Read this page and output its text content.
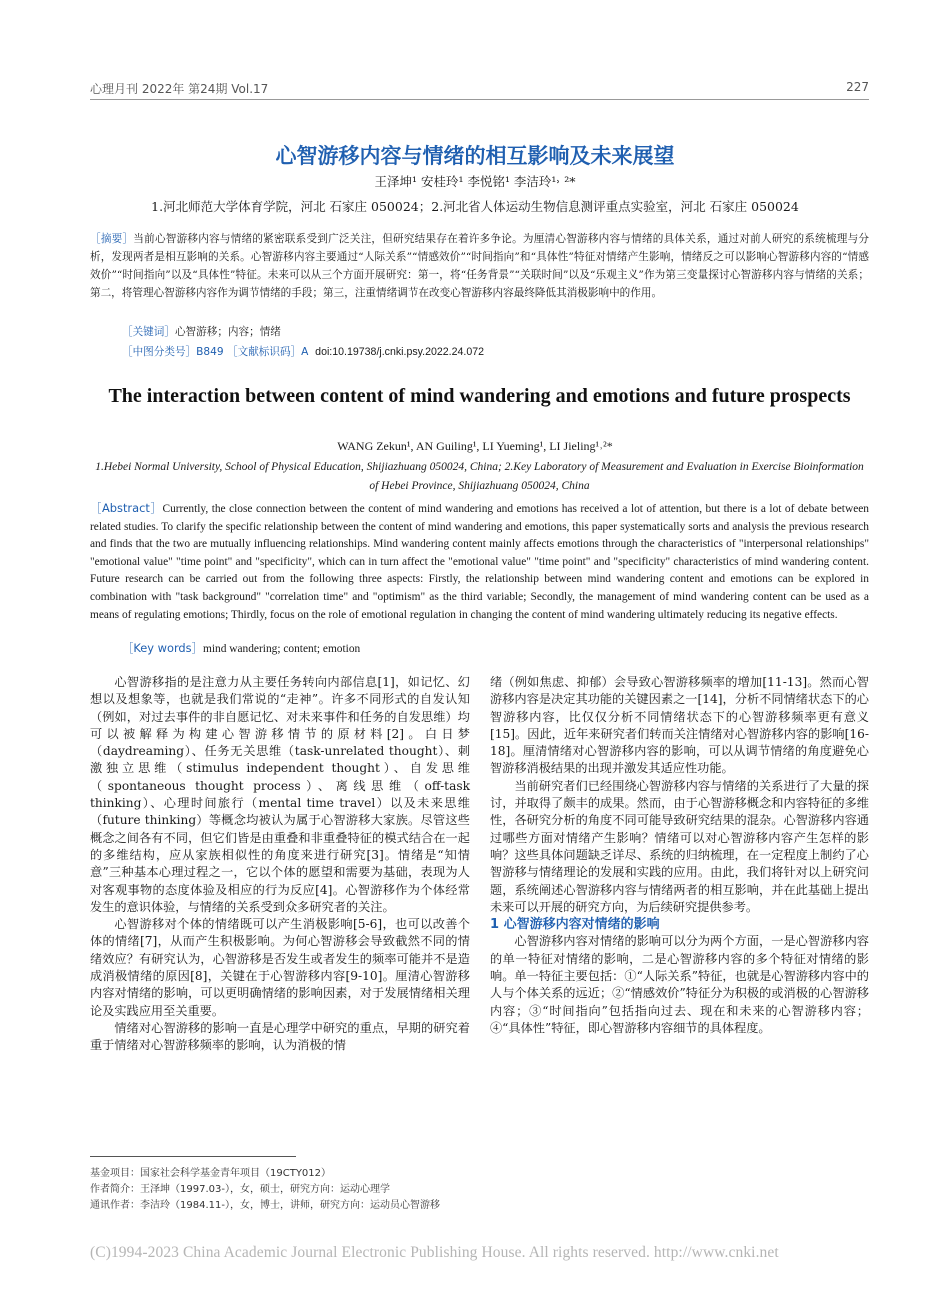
心理月刊 2022年 第24期 Vol.17	227
心智游移内容与情绪的相互影响及未来展望
王泽坤¹ 安桂玲¹ 李悦铭¹ 李洁玲¹˒ ²*
1.河北师范大学体育学院，河北 石家庄 050024；2.河北省人体运动生物信息测评重点实验室，河北 石家庄 050024
［摘要］当前心智游移内容与情绪的紧密联系受到广泛关注，但研究结果存在着许多争论。为厘清心智游移内容与情绪的具体关系，通过对前人研究的系统梳理与分析，发现两者是相互影响的关系。心智游移内容主要通过“人际关系”“情感效价”“时间指向”和“具体性”特征对情绪产生影响，情绪反之可以影响心智游移内容的“情感效价”“时间指向”以及“具体性”特征。未来可以从三个方面开展研究：第一，将“任务背景”“关联时间”以及“乐观主义”作为第三变量探讨心智游移内容与情绪的关系；第二，将管理心智游移内容作为调节情绪的手段；第三，注重情绪调节在改变心智游移内容最终降低其消极影响中的作用。
［关键词］心智游移；内容；情绪
［中图分类号］B849 ［文献标识码］A doi:10.19738/j.cnki.psy.2022.24.072
The interaction between content of mind wandering and emotions and future prospects
WANG Zekun¹, AN Guiling¹, LI Yueming¹, LI Jieling¹˒²*
1.Hebei Normal University, School of Physical Education, Shijiazhuang 050024, China; 2.Key Laboratory of Measurement and Evaluation in Exercise Bioinformation of Hebei Province, Shijiazhuang 050024, China
［Abstract］Currently, the close connection between the content of mind wandering and emotions has received a lot of attention, but there is a lot of debate between related studies. To clarify the specific relationship between the content of mind wandering and emotions, this paper systematically sorts and analysis the previous research and finds that the two are mutually influencing relationships. Mind wandering content mainly affects emotions through the characteristics of "interpersonal relationships" "emotional value" "time point" and "specificity", which can in turn affect the "emotional value" "time point" and "specificity" characteristics of mind wandering content. Future research can be carried out from the following three aspects: Firstly, the relationship between mind wandering content and emotions can be explored in combination with "task background" "correlation time" and "optimism" as the third variable; Secondly, the management of mind wandering content can be used as a means of regulating emotions; Thirdly, focus on the role of emotional regulation in changing the content of mind wandering ultimately reducing its negative effects.
［Key words］mind wandering; content; emotion

心智游移指的是注意力从主要任务转向内部信息[1]，如记忆、幻想以及想象等，也就是我们常说的“走神”。许多不同形式的自发认知（例如，对过去事件的非自愿记忆、对未来事件和任务的自发思维）均可以被解释为构建心智游移情节的原材料[2]。白日梦（daydreaming）、任务无关思维（task-unrelated thought）、刺激独立思维（stimulus independent thought）、自发思维（spontaneous thought process）、离线思维（off-task thinking）、心理时间旅行（mental time travel）以及未来思维（future thinking）等概念均被认为属于心智游移大家族。尽管这些概念之间各有不同，但它们皆是由重叠和非重叠特征的模式结合在一起的多维结构，应从家族相似性的角度来进行研究[3]。情绪是“知情意”三种基本心理过程之一，它以个体的愿望和需要为基础，表现为人对客观事物的态度体验及相应的行为反应[4]。心智游移作为个体经常发生的意识体验，与情绪的关系受到众多研究者的关注。

心智游移对个体的情绪既可以产生消极影响[5-6]，也可以改善个体的情绪[7]，从而产生积极影响。为何心智游移会导致截然不同的情绪效应？有研究认为，心智游移是否发生或者发生的频率可能并不是造成消极情绪的原因[8]，关键在于心智游移内容[9-10]。厘清心智游移内容对情绪的影响，可以更明确情绪的影响因素，对于发展情绪相关理论及实践应用至关重要。

情绪对心智游移的影响一直是心理学中研究的重点，早期的研究着重于情绪对心智游移频率的影响，认为消极的情

绪（例如焦虑、抑郁）会导致心智游移频率的增加[11-13]。然而心智游移内容是决定其功能的关键因素之一[14]，分析不同情绪状态下的心智游移内容，比仅仅分析不同情绪状态下的心智游移频率更有意义[15]。因此，近年来研究者们转而关注情绪对心智游移内容的影响[16-18]。厘清情绪对心智游移内容的影响，可以从调节情绪的角度避免心智游移消极结果的出现并激发其适应性功能。

当前研究者们已经围绕心智游移内容与情绪的关系进行了大量的探讨，并取得了颇丰的成果。然而，由于心智游移概念和内容特征的多维性，各研究分析的角度不同可能导致研究结果的混杂。心智游移内容通过哪些方面对情绪产生影响？情绪可以对心智游移内容产生怎样的影响？这些具体问题缺乏详尽、系统的归纳梳理，在一定程度上制约了心智游移与情绪理论的发展和实践的应用。由此，我们将针对以上研究问题，系统阐述心智游移内容与情绪两者的相互影响，并在此基础上提出未来可以开展的研究方向，为后续研究提供参考。

1 心智游移内容对情绪的影响

心智游移内容对情绪的影响可以分为两个方面，一是心智游移内容的单一特征对情绪的影响，二是心智游移内容的多个特征对情绪的影响。单一特征主要包括：①“人际关系”特征，也就是心智游移内容中的人与个体关系的远近；②“情感效价”特征分为积极的或消极的心智游移内容；③“时间指向”包括指向过去、现在和未来的心智游移内容；④“具体性”特征，即心智游移内容细节的具体程度。

基金项目：国家社会科学基金青年项目（19CTY012）
作者简介：王泽坤（1997.03-），女，硕士，研究方向：运动心理学
通讯作者：李洁玲（1984.11-），女，博士，讲师，研究方向：运动员心智游移
(C)1994-2023 China Academic Journal Electronic Publishing House. All rights reserved. http://www.cnki.net
